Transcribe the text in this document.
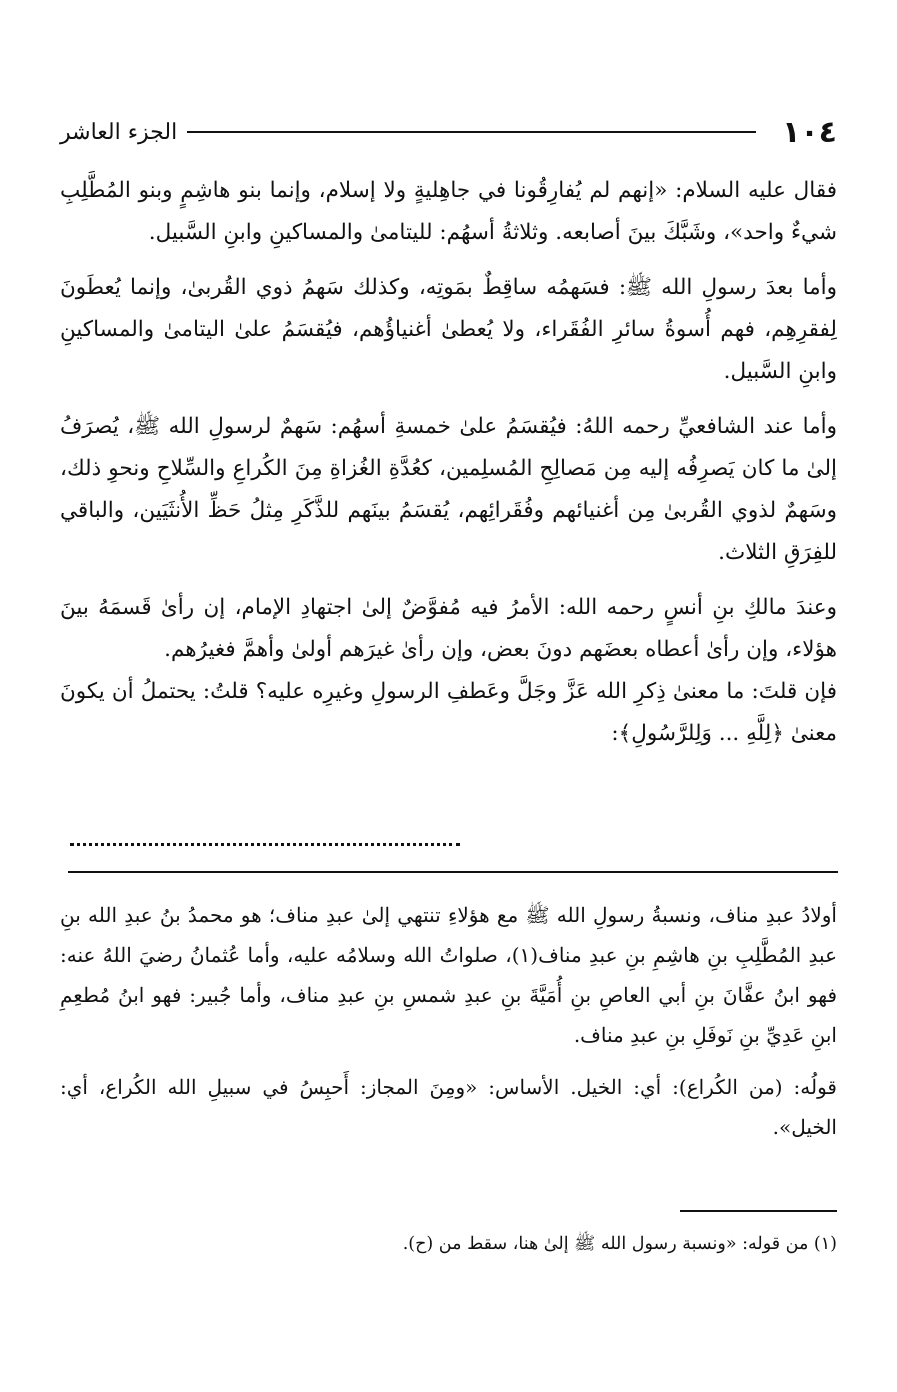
١٠٤
الجزء العاشر

فقال عليه السلام: «إنهم لم يُفارِقُونا في جاهِليةٍ ولا إسلام، وإنما بنو هاشِمٍ وبنو المُطَّلِبِ شيءٌ واحد»، وشَبَّكَ بينَ أصابعه. وثلاثةُ أسهُم: لليتامىٰ والمساكينِ وابنِ السَّبيل.

وأما بعدَ رسولِ الله ﷺ: فسَهمُه ساقِطٌ بمَوتِه، وكذلك سَهمُ ذوي القُربىٰ، وإنما يُعطَونَ لِفقرِهِم، فهم أُسوةُ سائرِ الفُقَراء، ولا يُعطىٰ أغنياؤُهم، فيُقسَمُ علىٰ اليتامىٰ والمساكينِ وابنِ السَّبيل.

وأما عند الشافعيِّ رحمه اللهُ: فيُقسَمُ علىٰ خمسةِ أسهُم: سَهمٌ لرسولِ الله ﷺ، يُصرَفُ إلىٰ ما كان يَصرِفُه إليه مِن مَصالِحِ المُسلِمين، كعُدَّةِ الغُزاةِ مِنَ الكُراعِ والسِّلاحِ ونحوِ ذلك، وسَهمٌ لذوي القُربىٰ مِن أغنيائهم وفُقَرائِهم، يُقسَمُ بينَهم للذَّكَرِ مِثلُ حَظِّ الأُنثَيَين، والباقي للفِرَقِ الثلاث.

وعندَ مالكِ بنِ أنسٍ رحمه الله: الأمرُ فيه مُفوَّضٌ إلىٰ اجتهادِ الإمام، إن رأىٰ قَسمَهُ بينَ هؤلاء، وإن رأىٰ أعطاه بعضَهم دونَ بعض، وإن رأىٰ غيرَهم أولىٰ وأهمَّ فغيرُهم.

فإن قلتَ: ما معنىٰ ذِكرِ الله عَزَّ وجَلَّ وعَطفِ الرسولِ وغيرِه عليه؟ قلتُ: يحتملُ أن يكونَ معنىٰ ﴿لِلَّهِ ... وَلِلرَّسُولِ﴾:

أولادُ عبدِ مناف، ونسبةُ رسولِ الله ﷺ مع هؤلاءِ تنتهي إلىٰ عبدِ مناف؛ هو محمدُ بنُ عبدِ الله بنِ عبدِ المُطَّلِبِ بنِ هاشِمِ بنِ عبدِ مناف(١)، صلواتُ الله وسلامُه عليه، وأما عُثمانُ رضيَ اللهُ عنه: فهو ابنُ عفَّانَ بنِ أبي العاصِ بنِ أُمَيَّةَ بنِ عبدِ شمسِ بنِ عبدِ مناف، وأما جُبير: فهو ابنُ مُطعِمِ ابنِ عَدِيِّ بنِ نَوفَلِ بنِ عبدِ مناف.

قولُه: (من الكُراع): أي: الخيل. الأساس: «ومِنَ المجاز: أَحبِسُ في سبيلِ الله الكُراع، أي: الخيل».

(١) من قوله: «ونسبة رسول الله ﷺ إلىٰ هنا، سقط من (ح).
